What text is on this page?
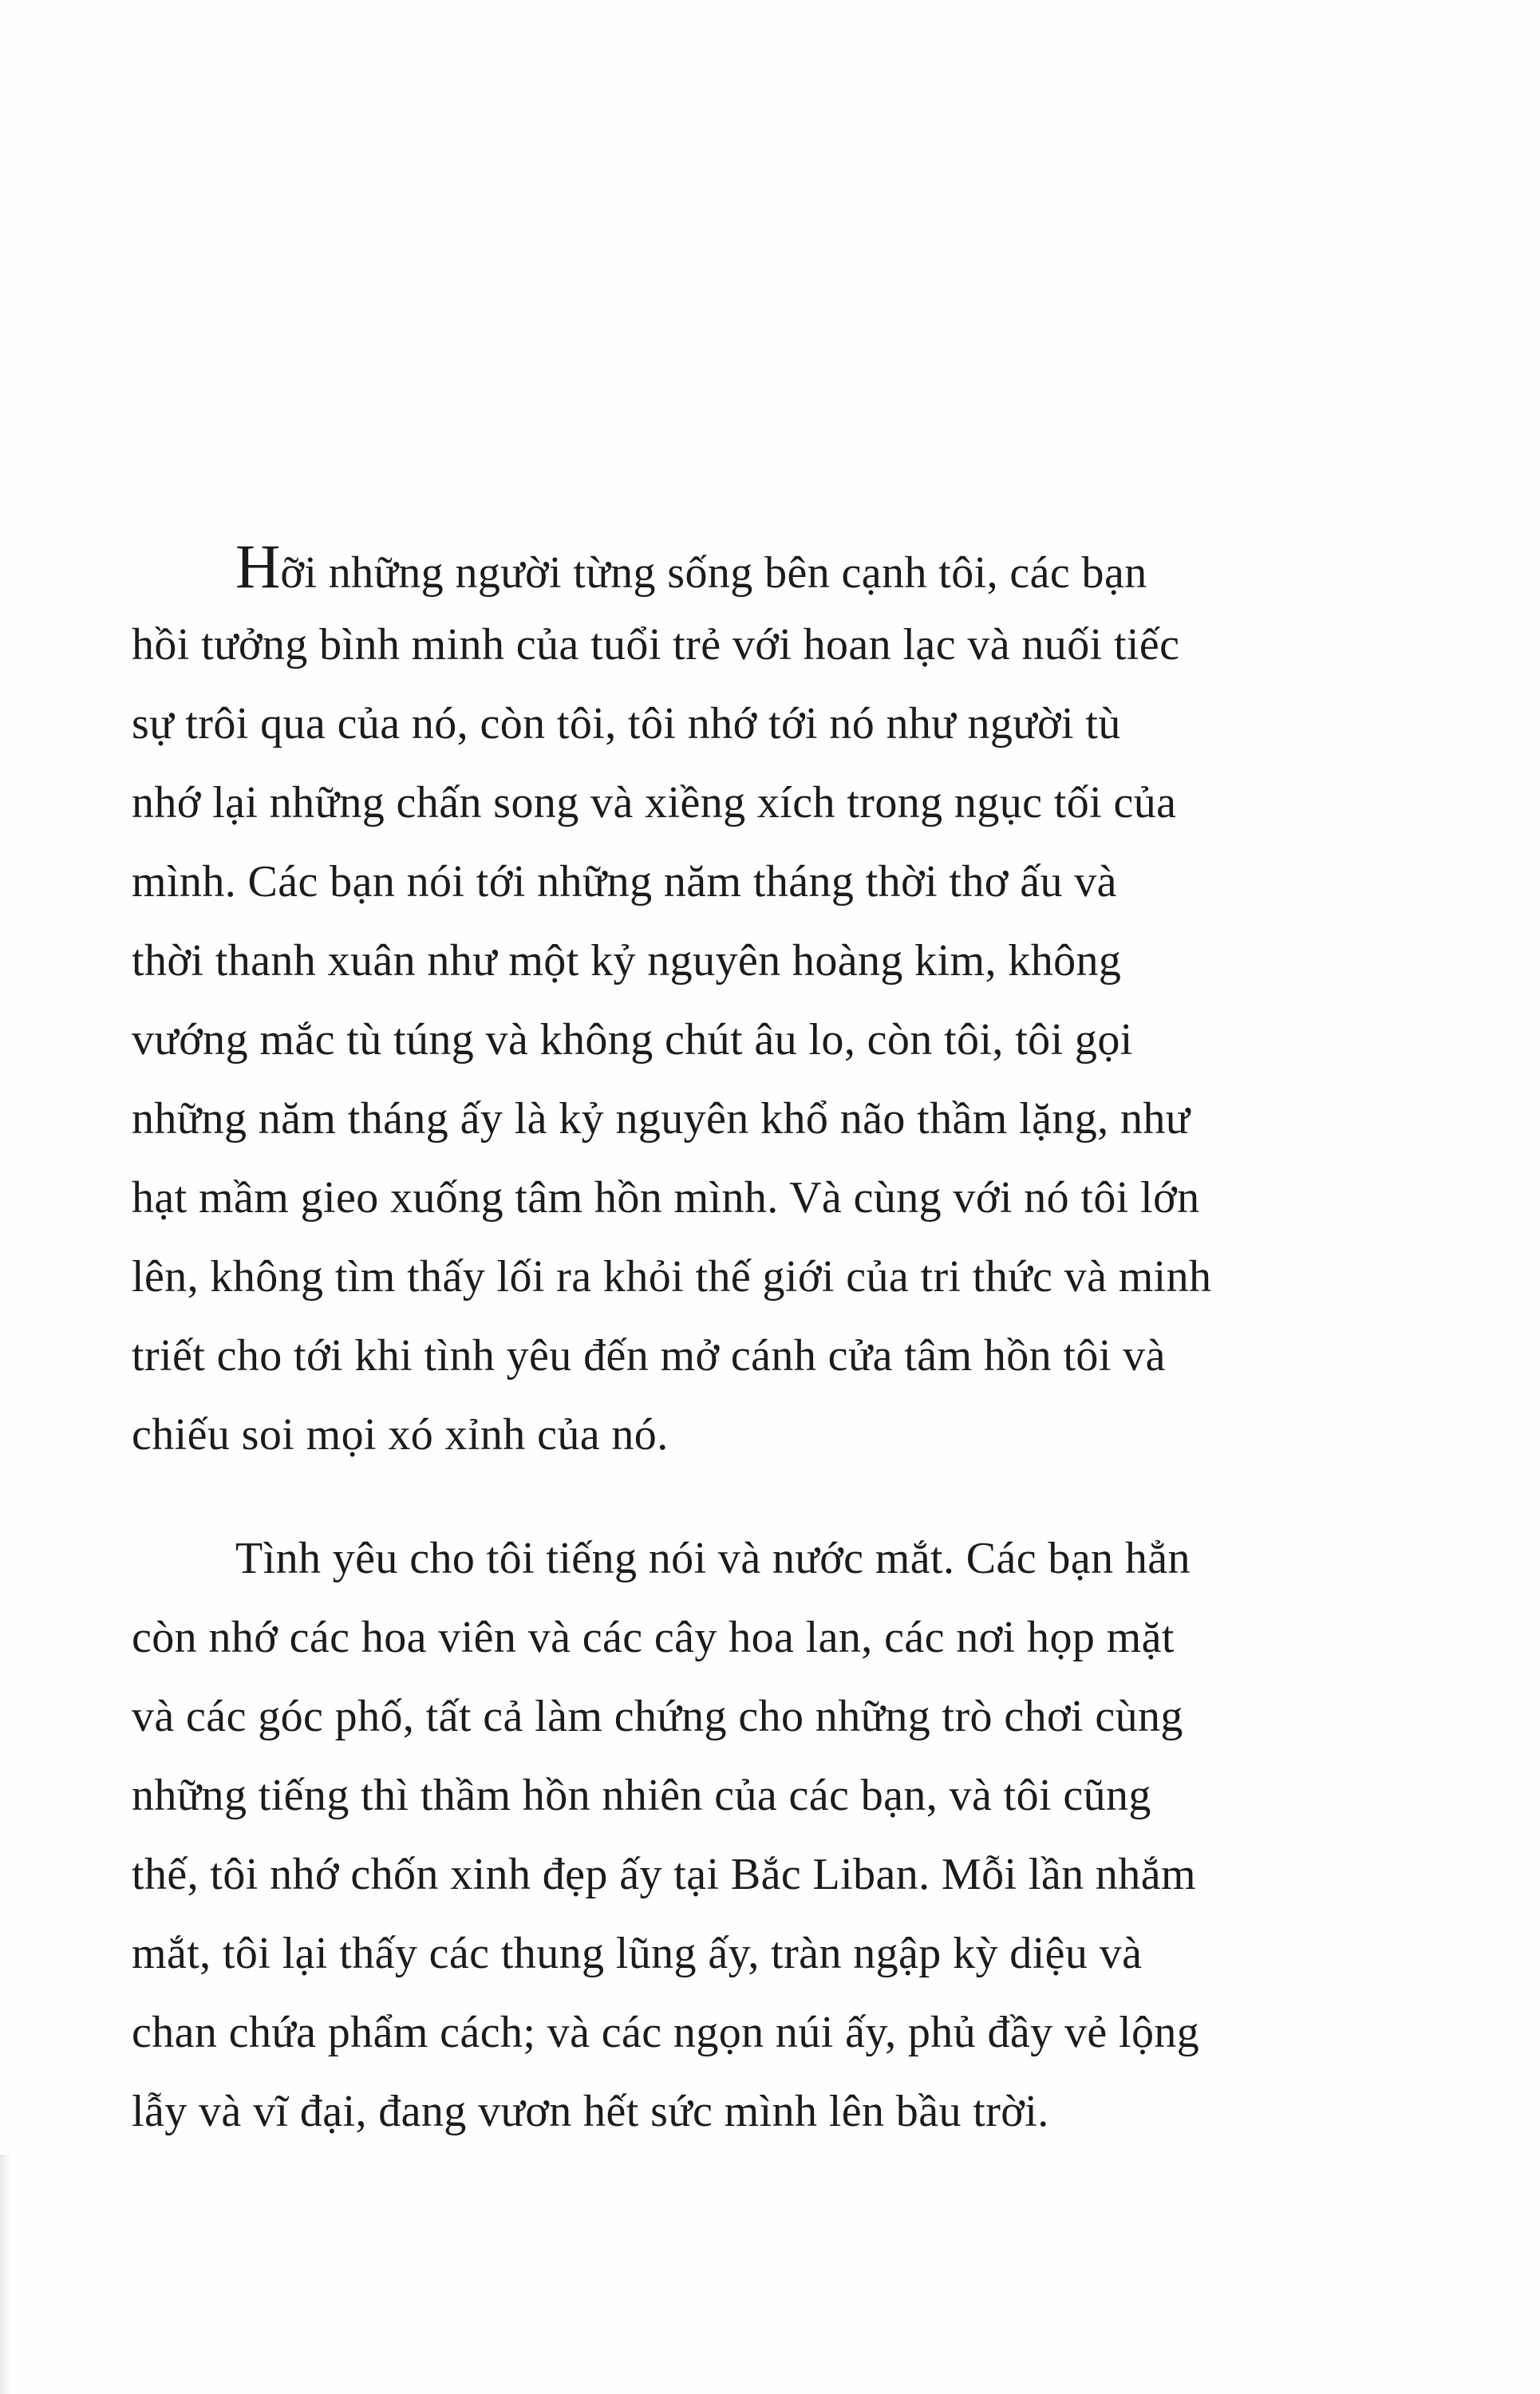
Hỡi những người từng sống bên cạnh tôi, các bạn
hồi tưởng bình minh của tuổi trẻ với hoan lạc và nuối tiếc
sự trôi qua của nó, còn tôi, tôi nhớ tới nó như người tù
nhớ lại những chấn song và xiềng xích trong ngục tối của
mình. Các bạn nói tới những năm tháng thời thơ ấu và
thời thanh xuân như một kỷ nguyên hoàng kim, không
vướng mắc tù túng và không chút âu lo, còn tôi, tôi gọi
những năm tháng ấy là kỷ nguyên khổ não thầm lặng, như
hạt mầm gieo xuống tâm hồn mình. Và cùng với nó tôi lớn
lên, không tìm thấy lối ra khỏi thế giới của tri thức và minh
triết cho tới khi tình yêu đến mở cánh cửa tâm hồn tôi và
chiếu soi mọi xó xỉnh của nó.
Tình yêu cho tôi tiếng nói và nước mắt. Các bạn hẳn
còn nhớ các hoa viên và các cây hoa lan, các nơi họp mặt
và các góc phố, tất cả làm chứng cho những trò chơi cùng
những tiếng thì thầm hồn nhiên của các bạn, và tôi cũng
thế, tôi nhớ chốn xinh đẹp ấy tại Bắc Liban. Mỗi lần nhắm
mắt, tôi lại thấy các thung lũng ấy, tràn ngập kỳ diệu và
chan chứa phẩm cách; và các ngọn núi ấy, phủ đầy vẻ lộng
lẫy và vĩ đại, đang vươn hết sức mình lên bầu trời.
